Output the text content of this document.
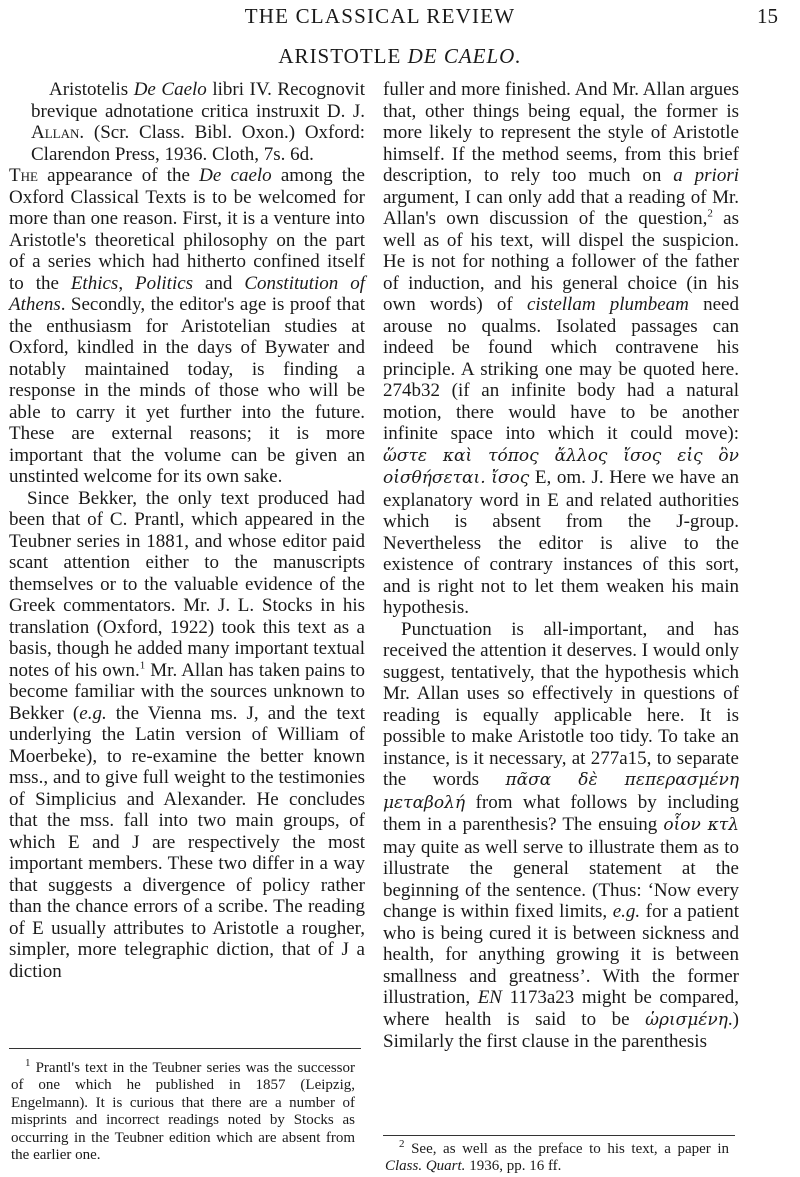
THE CLASSICAL REVIEW	15
ARISTOTLE DE CAELO.

Aristotelis De Caelo libri IV. Recognovit brevique adnotatione critica instruxit D. J. Allan. (Scr. Class. Bibl. Oxon.) Oxford: Clarendon Press, 1936. Cloth, 7s. 6d.

The appearance of the De caelo among the Oxford Classical Texts is to be welcomed for more than one reason. First, it is a venture into Aristotle's theoretical philosophy on the part of a series which had hitherto confined itself to the Ethics, Politics and Constitution of Athens. Secondly, the editor's age is proof that the enthusiasm for Aristotelian studies at Oxford, kindled in the days of Bywater and notably maintained today, is finding a response in the minds of those who will be able to carry it yet further into the future. These are external reasons; it is more important that the volume can be given an unstinted welcome for its own sake.

Since Bekker, the only text produced had been that of C. Prantl, which appeared in the Teubner series in 1881, and whose editor paid scant attention either to the manuscripts themselves or to the valuable evidence of the Greek commentators. Mr. J. L. Stocks in his translation (Oxford, 1922) took this text as a basis, though he added many important textual notes of his own.$^1$ Mr. Allan has taken pains to become familiar with the sources unknown to Bekker (e.g. the Vienna ms. J, and the text underlying the Latin version of William of Moerbeke), to re-examine the better known mss., and to give full weight to the testimonies of Simplicius and Alexander. He concludes that the mss. fall into two main groups, of which E and J are respectively the most important members. These two differ in a way that suggests a divergence of policy rather than the chance errors of a scribe. The reading of E usually attributes to Aristotle a rougher, simpler, more telegraphic diction, that of J a diction

$^1$ Prantl's text in the Teubner series was the successor of one which he published in 1857 (Leipzig, Engelmann). It is curious that there are a number of misprints and incorrect readings noted by Stocks as occurring in the Teubner edition which are absent from the earlier one.

fuller and more finished. And Mr. Allan argues that, other things being equal, the former is more likely to represent the style of Aristotle himself. If the method seems, from this brief description, to rely too much on a priori argument, I can only add that a reading of Mr. Allan's own discussion of the question,$^2$ as well as of his text, will dispel the suspicion. He is not for nothing a follower of the father of induction, and his general choice (in his own words) of cistellam plumbeam need arouse no qualms. Isolated passages can indeed be found which contravene his principle. A striking one may be quoted here. 274b32 (if an infinite body had a natural motion, there would have to be another infinite space into which it could move): ὥστε καὶ τόπος ἄλλος ἴσος εἰς ὃν οἰσθήσεται. ἴσος E, om. J. Here we have an explanatory word in E and related authorities which is absent from the J-group. Nevertheless the editor is alive to the existence of contrary instances of this sort, and is right not to let them weaken his main hypothesis.

Punctuation is all-important, and has received the attention it deserves. I would only suggest, tentatively, that the hypothesis which Mr. Allan uses so effectively in questions of reading is equally applicable here. It is possible to make Aristotle too tidy. To take an instance, is it necessary, at 277a15, to separate the words πᾶσα δὲ πεπερασμένη μεταβολή from what follows by including them in a parenthesis? The ensuing οἷον κτλ may quite as well serve to illustrate them as to illustrate the general statement at the beginning of the sentence. (Thus: ‘Now every change is within fixed limits, e.g. for a patient who is being cured it is between sickness and health, for anything growing it is between smallness and greatness’. With the former illustration, EN 1173a23 might be compared, where health is said to be ὡρισμένη.) Similarly the first clause in the parenthesis

$^2$ See, as well as the preface to his text, a paper in Class. Quart. 1936, pp. 16 ff.
